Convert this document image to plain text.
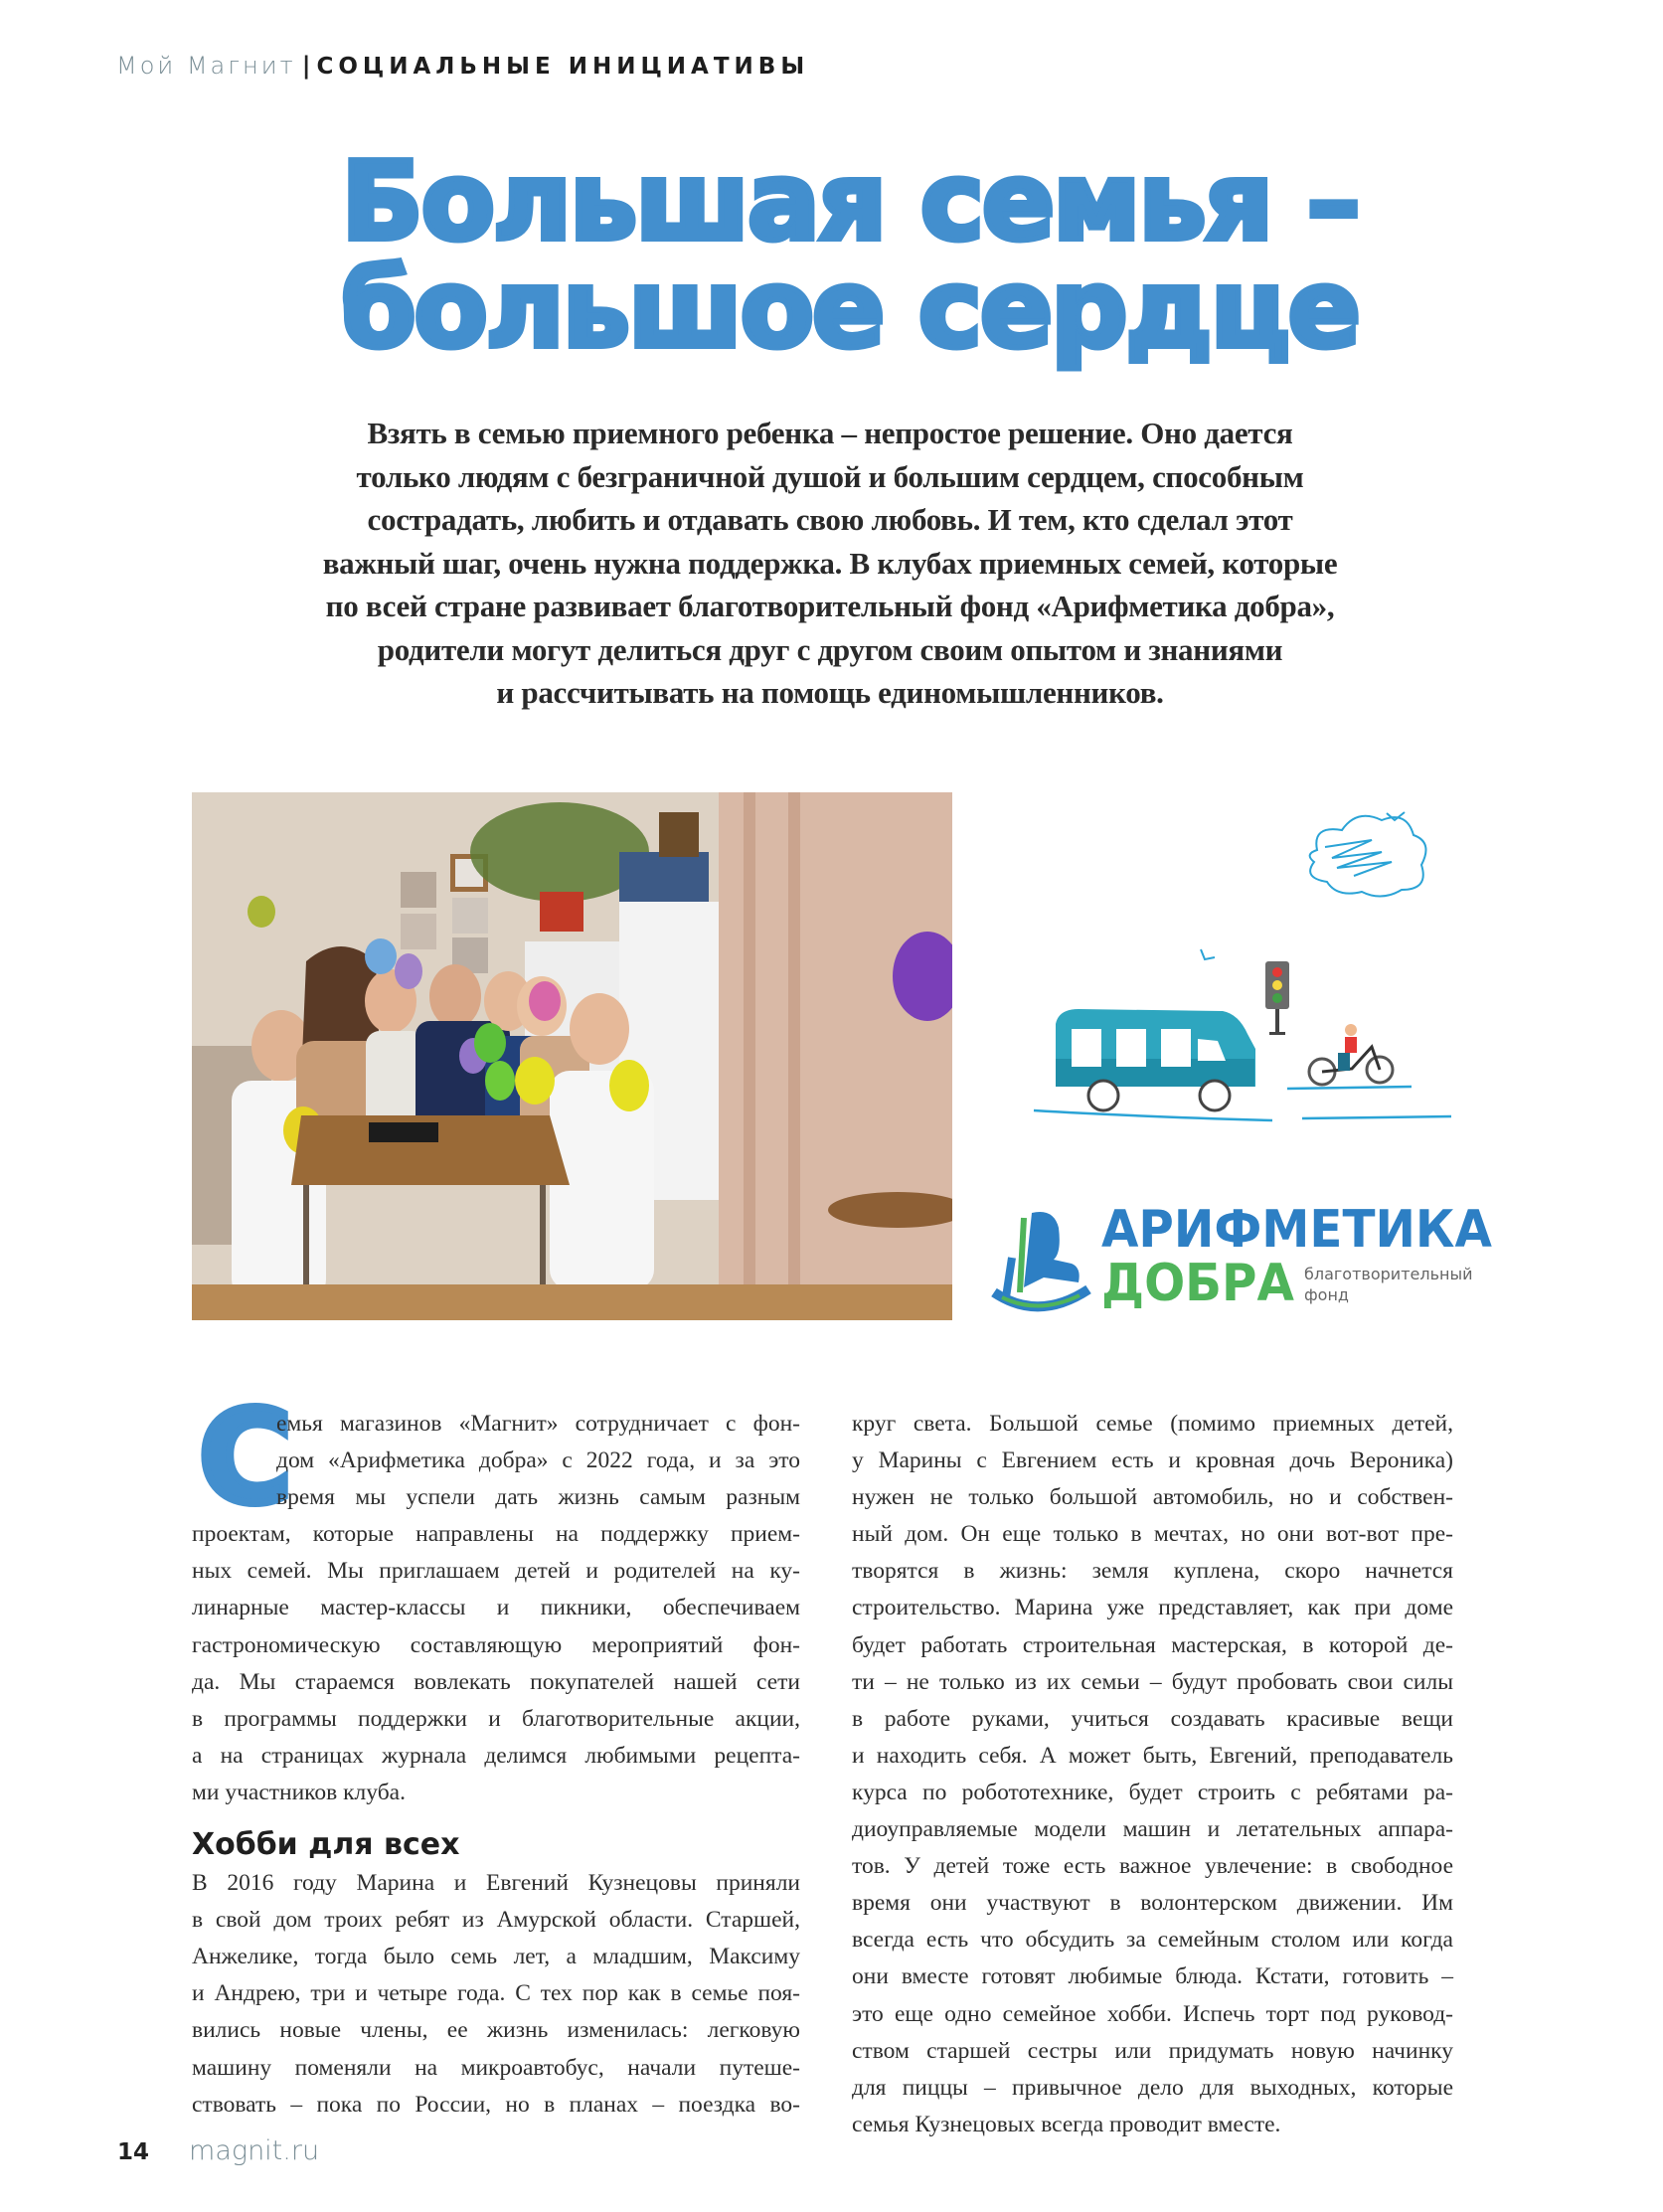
Мой Магнит | СОЦИАЛЬНЫЕ ИНИЦИАТИВЫ
Большая семья –
большое сердце
Взять в семью приемного ребенка – непростое решение. Оно дается
только людям с безграничной душой и большим сердцем, способным
сострадать, любить и отдавать свою любовь. И тем, кто сделал этот
важный шаг, очень нужна поддержка. В клубах приемных семей, которые
по всей стране развивает благотворительный фонд «Арифметика добра»,
родители могут делиться друг с другом своим опытом и знаниями
и рассчитывать на помощь единомышленников.
АРИФМЕТИКА
ДОБРА благотворительный
фонд
С
емья магазинов «Магнит» сотрудничает с фон-
дом «Арифметика добра» с 2022 года, и за это
время мы успели дать жизнь самым разным
проектам, которые направлены на поддержку прием-
ных семей. Мы приглашаем детей и родителей на ку-
линарные мастер-классы и пикники, обеспечиваем
гастрономическую составляющую мероприятий фон-
да. Мы стараемся вовлекать покупателей нашей сети
в программы поддержки и благотворительные акции,
а на страницах журнала делимся любимыми рецепта-
ми участников клуба.
Хобби для всех
В 2016 году Марина и Евгений Кузнецовы приняли
в свой дом троих ребят из Амурской области. Старшей,
Анжелике, тогда было семь лет, а младшим, Максиму
и Андрею, три и четыре года. С тех пор как в семье поя-
вились новые члены, ее жизнь изменилась: легковую
машину поменяли на микроавтобус, начали путеше-
ствовать – пока по России, но в планах – поездка во-
круг света. Большой семье (помимо приемных детей,
у Марины с Евгением есть и кровная дочь Вероника)
нужен не только большой автомобиль, но и собствен-
ный дом. Он еще только в мечтах, но они вот-вот пре-
творятся в жизнь: земля куплена, скоро начнется
строительство. Марина уже представляет, как при доме
будет работать строительная мастерская, в которой де-
ти – не только из их семьи – будут пробовать свои силы
в работе руками, учиться создавать красивые вещи
и находить себя. А может быть, Евгений, преподаватель
курса по робототехнике, будет строить с ребятами ра-
диоуправляемые модели машин и летательных аппара-
тов. У детей тоже есть важное увлечение: в свободное
время они участвуют в волонтерском движении. Им
всегда есть что обсудить за семейным столом или когда
они вместе готовят любимые блюда. Кстати, готовить –
это еще одно семейное хобби. Испечь торт под руковод-
ством старшей сестры или придумать новую начинку
для пиццы – привычное дело для выходных, которые
семья Кузнецовых всегда проводит вместе.
14 magnit.ru
